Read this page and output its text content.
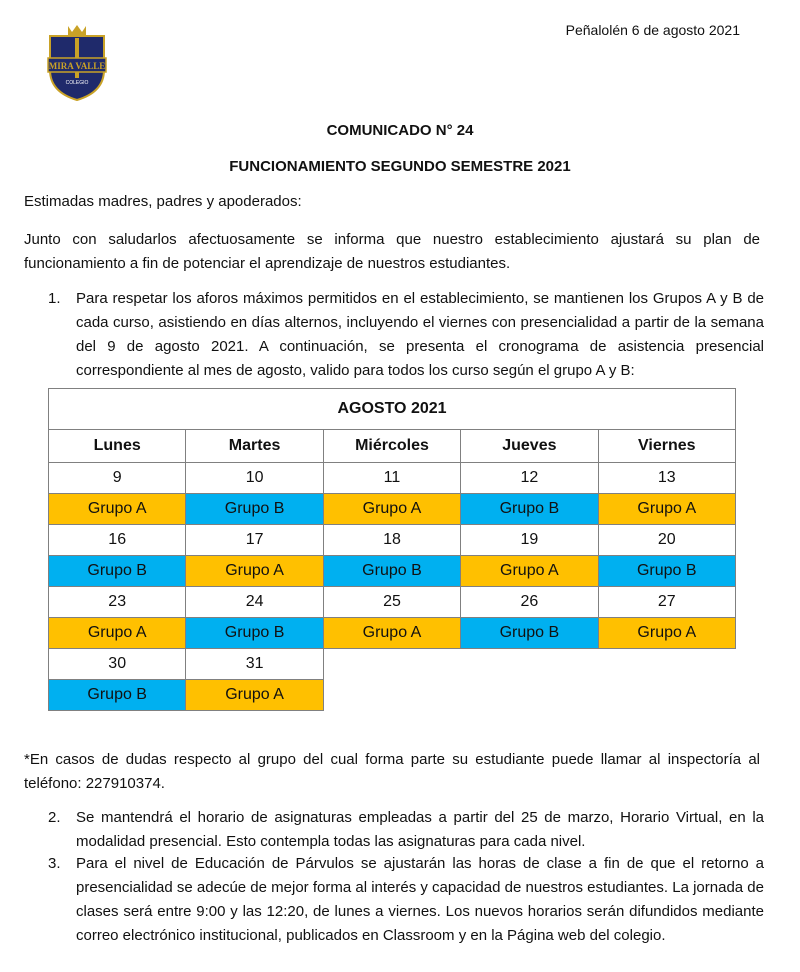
MIRA VALLE
COLEGIO
Peñalolén 6 de agosto 2021
COMUNICADO N° 24
FUNCIONAMIENTO SEGUNDO SEMESTRE 2021
Estimadas madres, padres y apoderados:
Junto con saludarlos afectuosamente se informa que nuestro establecimiento ajustará su plan de funcionamiento a fin de potenciar el aprendizaje de nuestros estudiantes.
1. Para respetar los aforos máximos permitidos en el establecimiento, se mantienen los Grupos A y B de cada curso, asistiendo en días alternos, incluyendo el viernes con presencialidad a partir de la semana del 9 de agosto 2021. A continuación, se presenta el cronograma de asistencia presencial correspondiente al mes de agosto, valido para todos los curso según el grupo A y B:
AGOSTO 2021				
Lunes	Martes	Miércoles	Jueves	Viernes
9	10	11	12	13
Grupo A	Grupo B	Grupo A	Grupo B	Grupo A
16	17	18	19	20
Grupo B	Grupo A	Grupo B	Grupo A	Grupo B
23	24	25	26	27
Grupo A	Grupo B	Grupo A	Grupo B	Grupo A
30	31			
Grupo B	Grupo A			
*En casos de dudas respecto al grupo del cual forma parte su estudiante puede llamar al inspectoría al teléfono: 227910374.
2. Se mantendrá el horario de asignaturas empleadas a partir del 25 de marzo, Horario Virtual, en la modalidad presencial. Esto contempla todas las asignaturas para cada nivel.
3. Para el nivel de Educación de Párvulos se ajustarán las horas de clase a fin de que el retorno a presencialidad se adecúe de mejor forma al interés y capacidad de nuestros estudiantes. La jornada de clases será entre 9:00 y las 12:20, de lunes a viernes. Los nuevos horarios serán difundidos mediante correo electrónico institucional, publicados en Classroom y en la Página web del colegio.
